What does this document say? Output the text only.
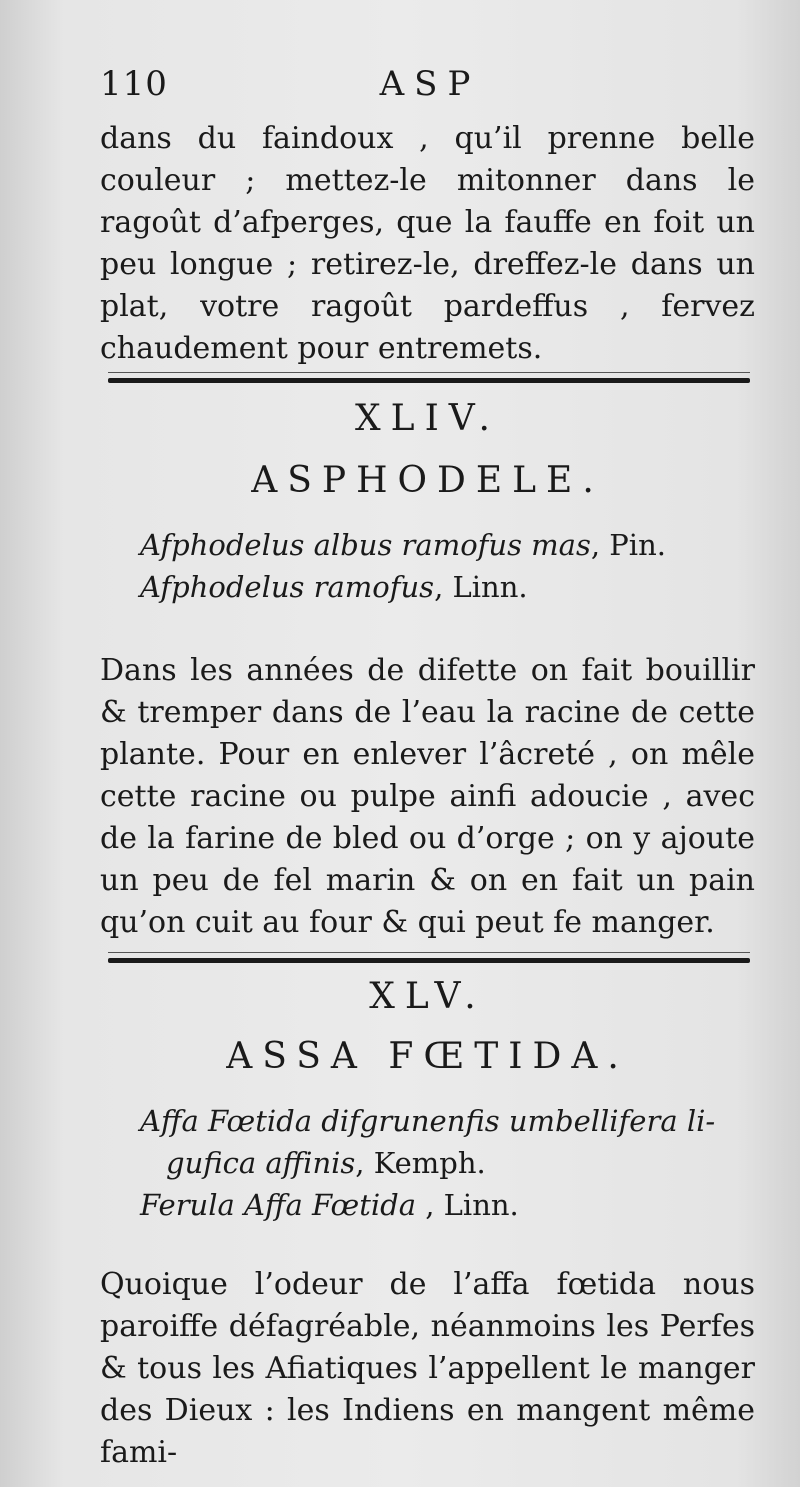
110	ASP

dans du faindoux , qu’il prenne belle couleur ; mettez-le mitonner dans le ragoût d’afperges, que la fauffe en foit un peu longue ; retirez-le, dreffez-le dans un plat, votre ragoût pardeffus , fervez chaudement pour entremets.

XLIV.
ASPHODELE.
Afphodelus albus ramofus mas, Pin.
Afphodelus ramofus, Linn.

Dans les années de difette on fait bouillir & tremper dans de l’eau la racine de cette plante. Pour en enlever l’âcreté , on mêle cette racine ou pulpe ainfi adoucie , avec de la farine de bled ou d’orge ; on y ajoute un peu de fel marin & on en fait un pain qu’on cuit au four & qui peut fe manger.

XLV.
ASSA FŒTIDA.
Affa Fœtida difgrunenfis umbellifera li-
gufica affinis, Kemph.
Ferula Affa Fœtida , Linn.

Quoique l’odeur de l’affa fœtida nous paroiffe défagréable, néanmoins les Perfes & tous les Afiatiques l’appellent le manger des Dieux : les Indiens en mangent même fami-
